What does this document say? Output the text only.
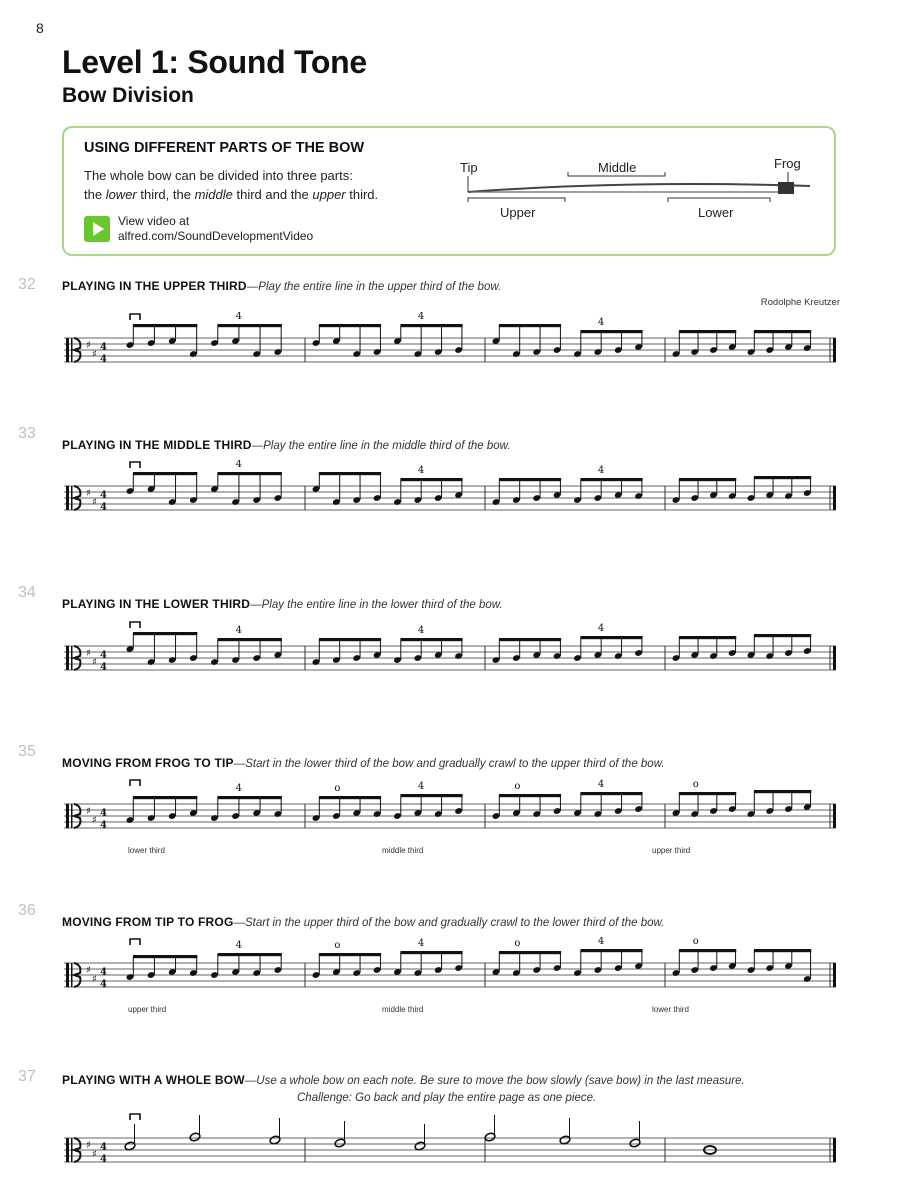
8
Level 1: Sound Tone
Bow Division
USING DIFFERENT PARTS OF THE BOW
The whole bow can be divided into three parts:
the lower third, the middle third and the upper third.
View video at
alfred.com/SoundDevelopmentVideo
Tip	Middle	Frog
Upper	Lower
32 PLAYING IN THE UPPER THIRD—Play the entire line in the upper third of the bow.
Rodolphe Kreutzer
♯
♯
4
4
4	4
4
33
PLAYING IN THE MIDDLE THIRD—Play the entire line in the middle third of the bow.
♯
♯
4
4
4
4	4
34
PLAYING IN THE LOWER THIRD—Play the entire line in the lower third of the bow.
♯
♯
4
4
4	4	4
35
MOVING FROM FROG TO TIP—Start in the lower third of the bow and gradually crawl to the upper third of the bow.
♯
♯
4
4
4	o	4	o	4	o
lower third	middle third	upper third
36
MOVING FROM TIP TO FROG—Start in the upper third of the bow and gradually crawl to the lower third of the bow.
♯
♯
4
4
4	o	4	o	4	o
upper third	middle third	lower third
37 PLAYING WITH A WHOLE BOW—Use a whole bow on each note. Be sure to move the bow slowly (save bow) in the last measure.
Challenge: Go back and play the entire page as one piece.
♯
♯
4
4
